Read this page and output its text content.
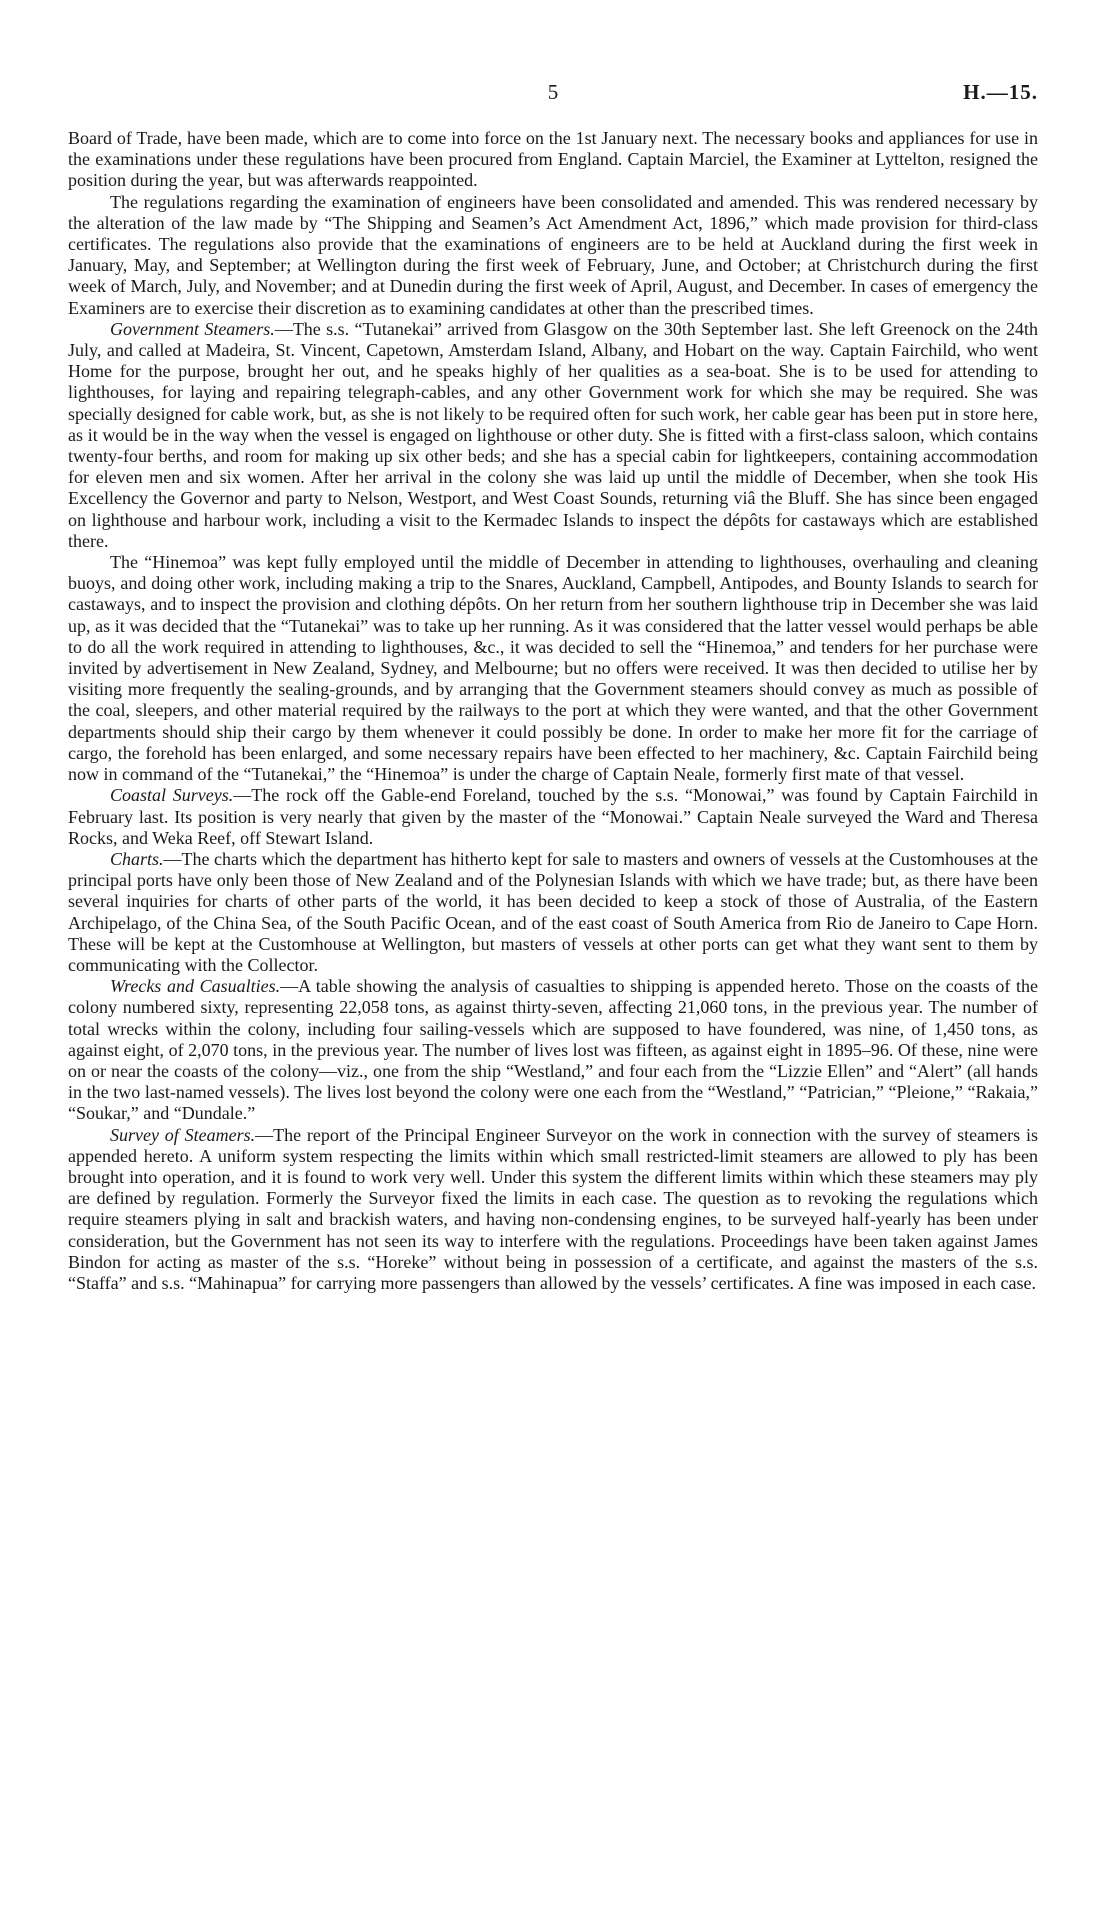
5	H.—15.

Board of Trade, have been made, which are to come into force on the 1st January next. The necessary books and appliances for use in the examinations under these regulations have been procured from England. Captain Marciel, the Examiner at Lyttelton, resigned the position during the year, but was afterwards reappointed.

The regulations regarding the examination of engineers have been consolidated and amended. This was rendered necessary by the alteration of the law made by “The Shipping and Seamen’s Act Amendment Act, 1896,” which made provision for third-class certificates. The regulations also provide that the examinations of engineers are to be held at Auckland during the first week in January, May, and September; at Wellington during the first week of February, June, and October; at Christchurch during the first week of March, July, and November; and at Dunedin during the first week of April, August, and December. In cases of emergency the Examiners are to exercise their discretion as to examining candidates at other than the prescribed times.

Government Steamers.—The s.s. “Tutanekai” arrived from Glasgow on the 30th September last. She left Greenock on the 24th July, and called at Madeira, St. Vincent, Capetown, Amsterdam Island, Albany, and Hobart on the way. Captain Fairchild, who went Home for the purpose, brought her out, and he speaks highly of her qualities as a sea-boat. She is to be used for attending to lighthouses, for laying and repairing telegraph-cables, and any other Government work for which she may be required. She was specially designed for cable work, but, as she is not likely to be required often for such work, her cable gear has been put in store here, as it would be in the way when the vessel is engaged on lighthouse or other duty. She is fitted with a first-class saloon, which contains twenty-four berths, and room for making up six other beds; and she has a special cabin for lightkeepers, containing accommodation for eleven men and six women. After her arrival in the colony she was laid up until the middle of December, when she took His Excellency the Governor and party to Nelson, Westport, and West Coast Sounds, returning viâ the Bluff. She has since been engaged on lighthouse and harbour work, including a visit to the Kermadec Islands to inspect the dépôts for castaways which are established there.

The “Hinemoa” was kept fully employed until the middle of December in attending to lighthouses, overhauling and cleaning buoys, and doing other work, including making a trip to the Snares, Auckland, Campbell, Antipodes, and Bounty Islands to search for castaways, and to inspect the provision and clothing dépôts. On her return from her southern lighthouse trip in December she was laid up, as it was decided that the “Tutanekai” was to take up her running. As it was considered that the latter vessel would perhaps be able to do all the work required in attending to lighthouses, &c., it was decided to sell the “Hinemoa,” and tenders for her purchase were invited by advertisement in New Zealand, Sydney, and Melbourne; but no offers were received. It was then decided to utilise her by visiting more frequently the sealing-grounds, and by arranging that the Government steamers should convey as much as possible of the coal, sleepers, and other material required by the railways to the port at which they were wanted, and that the other Government departments should ship their cargo by them whenever it could possibly be done. In order to make her more fit for the carriage of cargo, the forehold has been enlarged, and some necessary repairs have been effected to her machinery, &c. Captain Fairchild being now in command of the “Tutanekai,” the “Hinemoa” is under the charge of Captain Neale, formerly first mate of that vessel.

Coastal Surveys.—The rock off the Gable-end Foreland, touched by the s.s. “Monowai,” was found by Captain Fairchild in February last. Its position is very nearly that given by the master of the “Monowai.” Captain Neale surveyed the Ward and Theresa Rocks, and Weka Reef, off Stewart Island.

Charts.—The charts which the department has hitherto kept for sale to masters and owners of vessels at the Customhouses at the principal ports have only been those of New Zealand and of the Polynesian Islands with which we have trade; but, as there have been several inquiries for charts of other parts of the world, it has been decided to keep a stock of those of Australia, of the Eastern Archipelago, of the China Sea, of the South Pacific Ocean, and of the east coast of South America from Rio de Janeiro to Cape Horn. These will be kept at the Customhouse at Wellington, but masters of vessels at other ports can get what they want sent to them by communicating with the Collector.

Wrecks and Casualties.—A table showing the analysis of casualties to shipping is appended hereto. Those on the coasts of the colony numbered sixty, representing 22,058 tons, as against thirty-seven, affecting 21,060 tons, in the previous year. The number of total wrecks within the colony, including four sailing-vessels which are supposed to have foundered, was nine, of 1,450 tons, as against eight, of 2,070 tons, in the previous year. The number of lives lost was fifteen, as against eight in 1895–96. Of these, nine were on or near the coasts of the colony—viz., one from the ship “Westland,” and four each from the “Lizzie Ellen” and “Alert” (all hands in the two last-named vessels). The lives lost beyond the colony were one each from the “Westland,” “Patrician,” “Pleione,” “Rakaia,” “Soukar,” and “Dundale.”

Survey of Steamers.—The report of the Principal Engineer Surveyor on the work in connection with the survey of steamers is appended hereto. A uniform system respecting the limits within which small restricted-limit steamers are allowed to ply has been brought into operation, and it is found to work very well. Under this system the different limits within which these steamers may ply are defined by regulation. Formerly the Surveyor fixed the limits in each case. The question as to revoking the regulations which require steamers plying in salt and brackish waters, and having non-condensing engines, to be surveyed half-yearly has been under consideration, but the Government has not seen its way to interfere with the regulations. Proceedings have been taken against James Bindon for acting as master of the s.s. “Horeke” without being in possession of a certificate, and against the masters of the s.s. “Staffa” and s.s. “Mahinapua” for carrying more passengers than allowed by the vessels’ certificates. A fine was imposed in each case.
